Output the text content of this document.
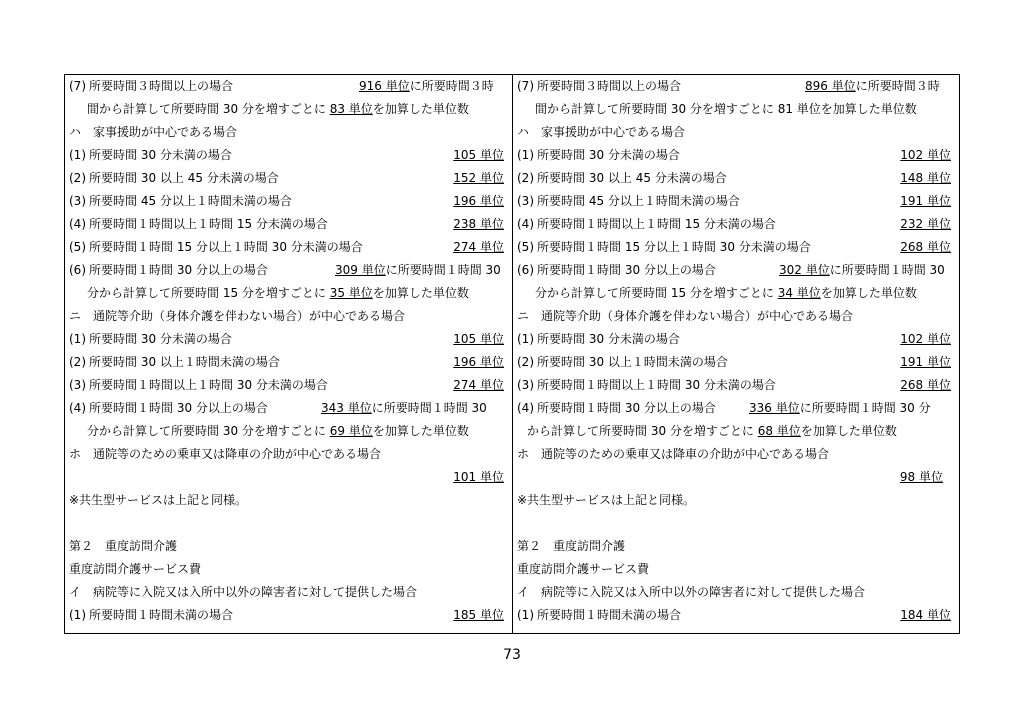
(7) 所要時間３時間以上の場合	916 単位に所要時間３時
間から計算して所要時間 30 分を増すごとに 83 単位を加算した単位数
ハ　家事援助が中心である場合
(1) 所要時間 30 分未満の場合	105 単位
(2) 所要時間 30 以上 45 分未満の場合	152 単位
(3) 所要時間 45 分以上１時間未満の場合	196 単位
(4) 所要時間１時間以上１時間 15 分未満の場合	238 単位
(5) 所要時間１時間 15 分以上１時間 30 分未満の場合	274 単位
(6) 所要時間１時間 30 分以上の場合	309 単位に所要時間１時間 30
分から計算して所要時間 15 分を増すごとに 35 単位を加算した単位数
ニ　通院等介助（身体介護を伴わない場合）が中心である場合
(1) 所要時間 30 分未満の場合	105 単位
(2) 所要時間 30 以上１時間未満の場合	196 単位
(3) 所要時間１時間以上１時間 30 分未満の場合	274 単位
(4) 所要時間１時間 30 分以上の場合	343 単位に所要時間１時間 30
分から計算して所要時間 30 分を増すごとに 69 単位を加算した単位数
ホ　通院等のための乗車又は降車の介助が中心である場合
101 単位
※共生型サービスは上記と同様。
第２　重度訪問介護
重度訪問介護サービス費
イ　病院等に入院又は入所中以外の障害者に対して提供した場合
(1) 所要時間１時間未満の場合	185 単位
(7) 所要時間３時間以上の場合	896 単位に所要時間３時
間から計算して所要時間 30 分を増すごとに 81 単位を加算した単位数
ハ　家事援助が中心である場合
(1) 所要時間 30 分未満の場合	102 単位
(2) 所要時間 30 以上 45 分未満の場合	148 単位
(3) 所要時間 45 分以上１時間未満の場合	191 単位
(4) 所要時間１時間以上１時間 15 分未満の場合	232 単位
(5) 所要時間１時間 15 分以上１時間 30 分未満の場合	268 単位
(6) 所要時間１時間 30 分以上の場合	302 単位に所要時間１時間 30
分から計算して所要時間 15 分を増すごとに 34 単位を加算した単位数
ニ　通院等介助（身体介護を伴わない場合）が中心である場合
(1) 所要時間 30 分未満の場合	102 単位
(2) 所要時間 30 以上１時間未満の場合	191 単位
(3) 所要時間１時間以上１時間 30 分未満の場合	268 単位
(4) 所要時間１時間 30 分以上の場合	336 単位に所要時間１時間 30 分
から計算して所要時間 30 分を増すごとに 68 単位を加算した単位数
ホ　通院等のための乗車又は降車の介助が中心である場合
98 単位
※共生型サービスは上記と同様。
第２　重度訪問介護
重度訪問介護サービス費
イ　病院等に入院又は入所中以外の障害者に対して提供した場合
(1) 所要時間１時間未満の場合	184 単位
73
